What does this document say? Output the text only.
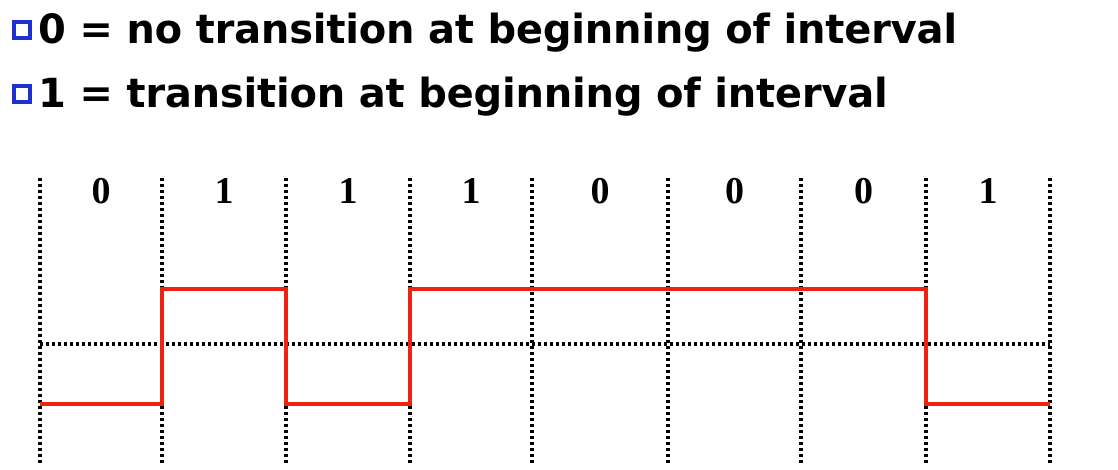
0 = no transition at beginning of interval
1 = transition at beginning of interval
0	1	1	1	0	0	0	1
